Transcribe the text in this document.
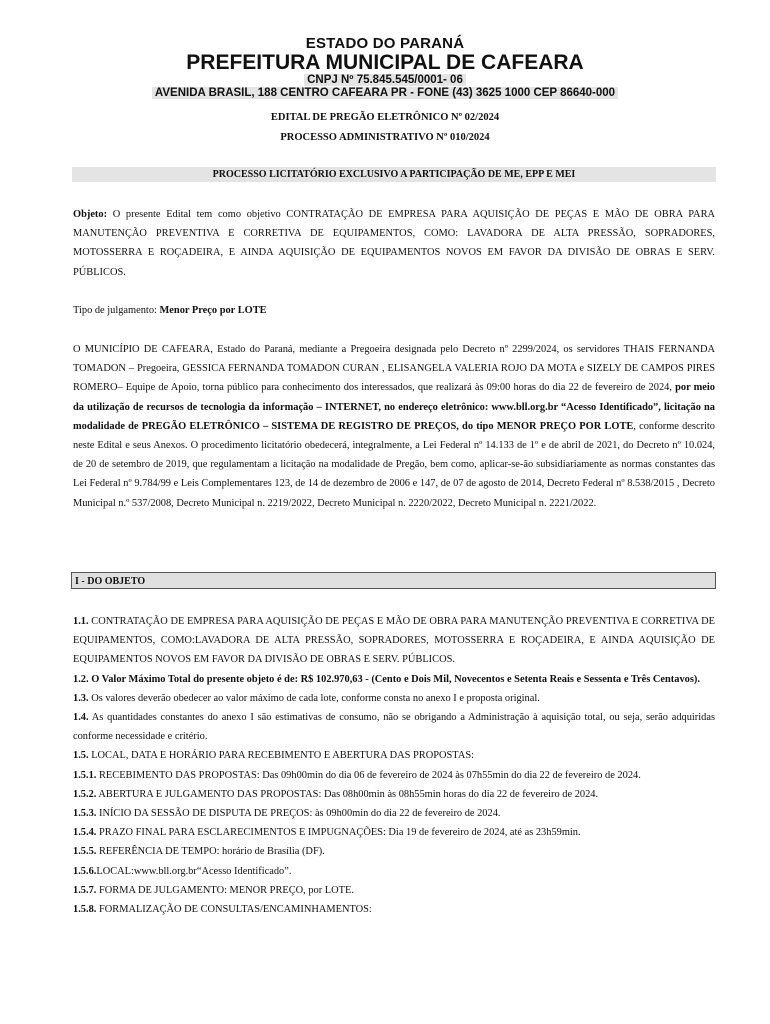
ESTADO DO PARANÁ
PREFEITURA MUNICIPAL DE CAFEARA
CNPJ Nº 75.845.545/0001- 06
AVENIDA BRASIL, 188 CENTRO CAFEARA PR - FONE (43) 3625 1000 CEP 86640-000
EDITAL DE PREGÃO ELETRÔNICO Nº 02/2024
PROCESSO ADMINISTRATIVO Nº 010/2024
PROCESSO LICITATÓRIO EXCLUSIVO A PARTICIPAÇÃO DE ME, EPP E MEI
Objeto: O presente Edital tem como objetivo CONTRATAÇÃO DE EMPRESA PARA AQUISIÇÃO DE PEÇAS E MÃO DE OBRA PARA MANUTENÇÃO PREVENTIVA E CORRETIVA DE EQUIPAMENTOS, COMO: LAVADORA DE ALTA PRESSÃO, SOPRADORES, MOTOSSERRA E ROÇADEIRA, E AINDA AQUISIÇÃO DE EQUIPAMENTOS NOVOS EM FAVOR DA DIVISÃO DE OBRAS E SERV. PÚBLICOS.
Tipo de julgamento: Menor Preço por LOTE
O MUNICÍPIO DE CAFEARA, Estado do Paraná, mediante a Pregoeira designada pelo Decreto nº 2299/2024, os servidores THAIS FERNANDA TOMADON – Pregoeira, GESSICA FERNANDA TOMADON CURAN , ELISANGELA VALERIA ROJO DA MOTA e SIZELY DE CAMPOS PIRES ROMERO– Equipe de Apoio, torna público para conhecimento dos interessados, que realizará às 09:00 horas do dia 22 de fevereiro de 2024, por meio da utilização de recursos de tecnologia da informação – INTERNET, no endereço eletrônico: www.bll.org.br “Acesso Identificado”, licitação na modalidade de PREGÃO ELETRÔNICO – SISTEMA DE REGISTRO DE PREÇOS, do tipo MENOR PREÇO POR LOTE, conforme descrito neste Edital e seus Anexos. O procedimento licitatório obedecerá, integralmente, a Lei Federal nº 14.133 de 1º e de abril de 2021, do Decreto nº 10.024, de 20 de setembro de 2019, que regulamentam a licitação na modalidade de Pregão, bem como, aplicar-se-ão subsidiariamente as normas constantes das Lei Federal nº 9.784/99 e Leis Complementares 123, de 14 de dezembro de 2006 e 147, de 07 de agosto de 2014, Decreto Federal nº 8.538/2015 , Decreto Municipal n.º 537/2008, Decreto Municipal n. 2219/2022, Decreto Municipal n. 2220/2022, Decreto Municipal n. 2221/2022.
I - DO OBJETO

1.1. CONTRATAÇÃO DE EMPRESA PARA AQUISIÇÃO DE PEÇAS E MÃO DE OBRA PARA MANUTENÇÃO PREVENTIVA E CORRETIVA DE EQUIPAMENTOS, COMO:LAVADORA DE ALTA PRESSÃO, SOPRADORES, MOTOSSERRA E ROÇADEIRA, E AINDA AQUISIÇÃO DE EQUIPAMENTOS NOVOS EM FAVOR DA DIVISÃO DE OBRAS E SERV. PÚBLICOS.

1.2. O Valor Máximo Total do presente objeto é de: R$ 102.970,63 - (Cento e Dois Mil, Novecentos e Setenta Reais e Sessenta e Três Centavos).

1.3. Os valores deverão obedecer ao valor máximo de cada lote, conforme consta no anexo I e proposta original.

1.4. As quantidades constantes do anexo I são estimativas de consumo, não se obrigando a Administração à aquisição total, ou seja, serão adquiridas conforme necessidade e critério.

1.5. LOCAL, DATA E HORÁRIO PARA RECEBIMENTO E ABERTURA DAS PROPOSTAS:

1.5.1. RECEBIMENTO DAS PROPOSTAS: Das 09h00min do dia 06 de fevereiro de 2024 às 07h55min do dia 22 de fevereiro de 2024.

1.5.2. ABERTURA E JULGAMENTO DAS PROPOSTAS: Das 08h00min às 08h55min horas do dia 22 de fevereiro de 2024.

1.5.3. INÍCIO DA SESSÃO DE DISPUTA DE PREÇOS: às 09h00min do dia 22 de fevereiro de 2024.

1.5.4. PRAZO FINAL PARA ESCLARECIMENTOS E IMPUGNAÇÕES: Dia 19 de fevereiro de 2024, até as 23h59min.

1.5.5. REFERÊNCIA DE TEMPO: horário de Brasília (DF).

1.5.6.LOCAL:www.bll.org.br“Acesso Identificado”.

1.5.7. FORMA DE JULGAMENTO: MENOR PREÇO, por LOTE.

1.5.8. FORMALIZAÇÃO DE CONSULTAS/ENCAMINHAMENTOS:
